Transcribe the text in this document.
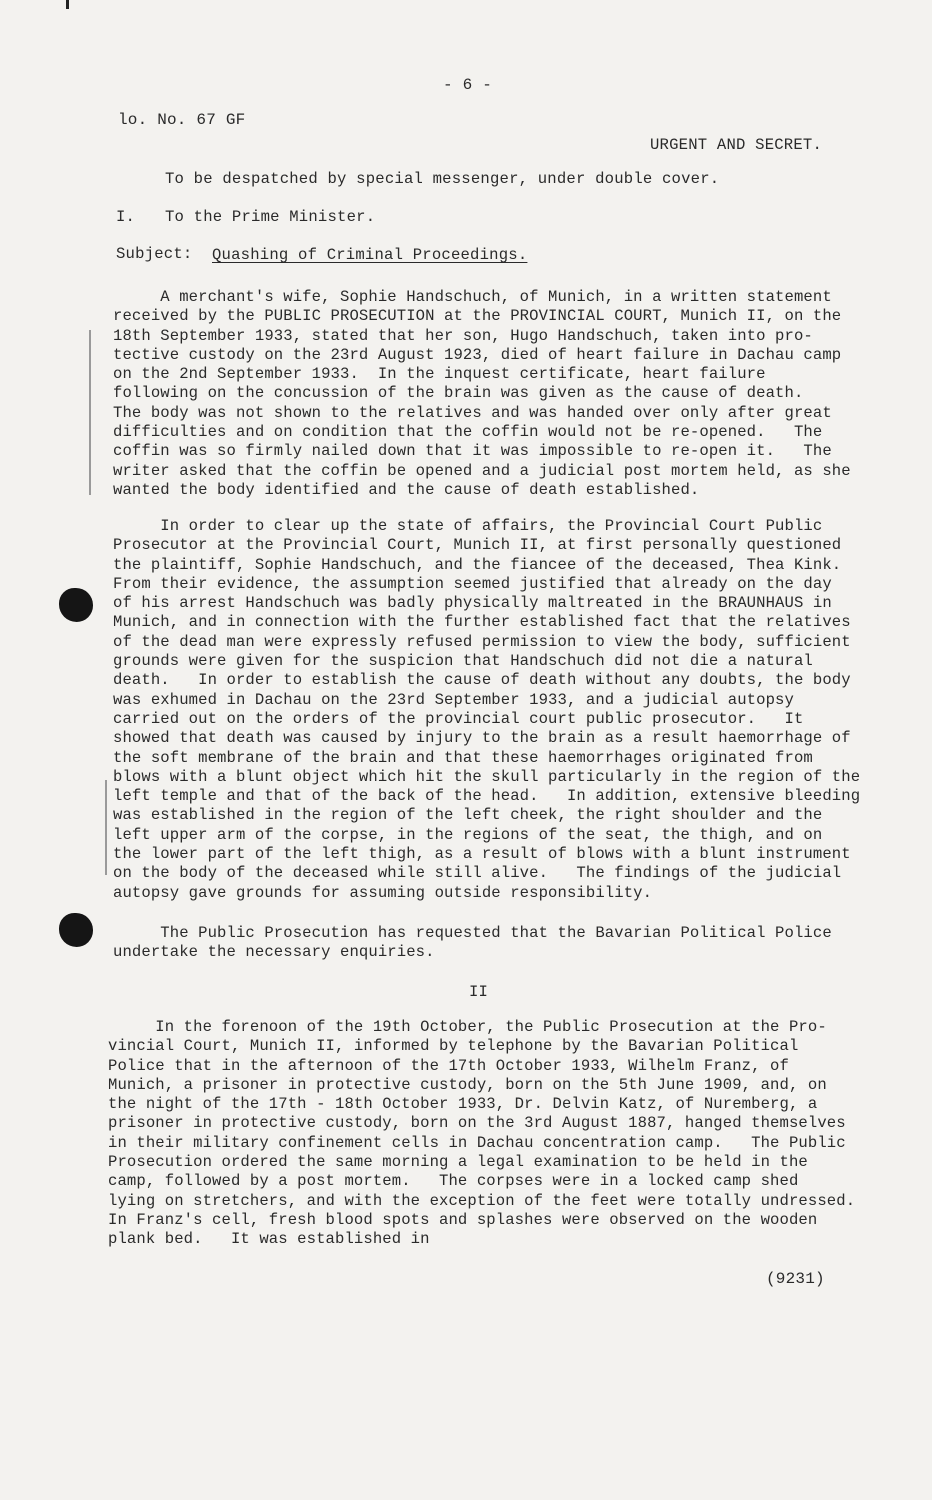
- 6 -
lo. No. 67 GF
URGENT AND SECRET.
To be despatched by special messenger, under double cover.
I. To the Prime Minister.
Subject: Quashing of Criminal Proceedings.
A merchant's wife, Sophie Handschuch, of Munich, in a written statement
received by the PUBLIC PROSECUTION at the PROVINCIAL COURT, Munich II, on the
18th September 1933, stated that her son, Hugo Handschuch, taken into pro-
tective custody on the 23rd August 1923, died of heart failure in Dachau camp
on the 2nd September 1933.  In the inquest certificate, heart failure
following on the concussion of the brain was given as the cause of death.
The body was not shown to the relatives and was handed over only after great
difficulties and on condition that the coffin would not be re-opened.   The
coffin was so firmly nailed down that it was impossible to re-open it.   The
writer asked that the coffin be opened and a judicial post mortem held, as she
wanted the body identified and the cause of death established.
In order to clear up the state of affairs, the Provincial Court Public
Prosecutor at the Provincial Court, Munich II, at first personally questioned
the plaintiff, Sophie Handschuch, and the fiancee of the deceased, Thea Kink.
From their evidence, the assumption seemed justified that already on the day
of his arrest Handschuch was badly physically maltreated in the BRAUNHAUS in
Munich, and in connection with the further established fact that the relatives
of the dead man were expressly refused permission to view the body, sufficient
grounds were given for the suspicion that Handschuch did not die a natural
death.   In order to establish the cause of death without any doubts, the body
was exhumed in Dachau on the 23rd September 1933, and a judicial autopsy
carried out on the orders of the provincial court public prosecutor.   It
showed that death was caused by injury to the brain as a result haemorrhage of
the soft membrane of the brain and that these haemorrhages originated from
blows with a blunt object which hit the skull particularly in the region of the
left temple and that of the back of the head.   In addition, extensive bleeding
was established in the region of the left cheek, the right shoulder and the
left upper arm of the corpse, in the regions of the seat, the thigh, and on
the lower part of the left thigh, as a result of blows with a blunt instrument
on the body of the deceased while still alive.   The findings of the judicial
autopsy gave grounds for assuming outside responsibility.
The Public Prosecution has requested that the Bavarian Political Police
undertake the necessary enquiries.
II
In the forenoon of the 19th October, the Public Prosecution at the Pro-
vincial Court, Munich II, informed by telephone by the Bavarian Political
Police that in the afternoon of the 17th October 1933, Wilhelm Franz, of
Munich, a prisoner in protective custody, born on the 5th June 1909, and, on
the night of the 17th - 18th October 1933, Dr. Delvin Katz, of Nuremberg, a
prisoner in protective custody, born on the 3rd August 1887, hanged themselves
in their military confinement cells in Dachau concentration camp.   The Public
Prosecution ordered the same morning a legal examination to be held in the
camp, followed by a post mortem.   The corpses were in a locked camp shed
lying on stretchers, and with the exception of the feet were totally undressed.
In Franz's cell, fresh blood spots and splashes were observed on the wooden
plank bed.   It was established in
(9231)
